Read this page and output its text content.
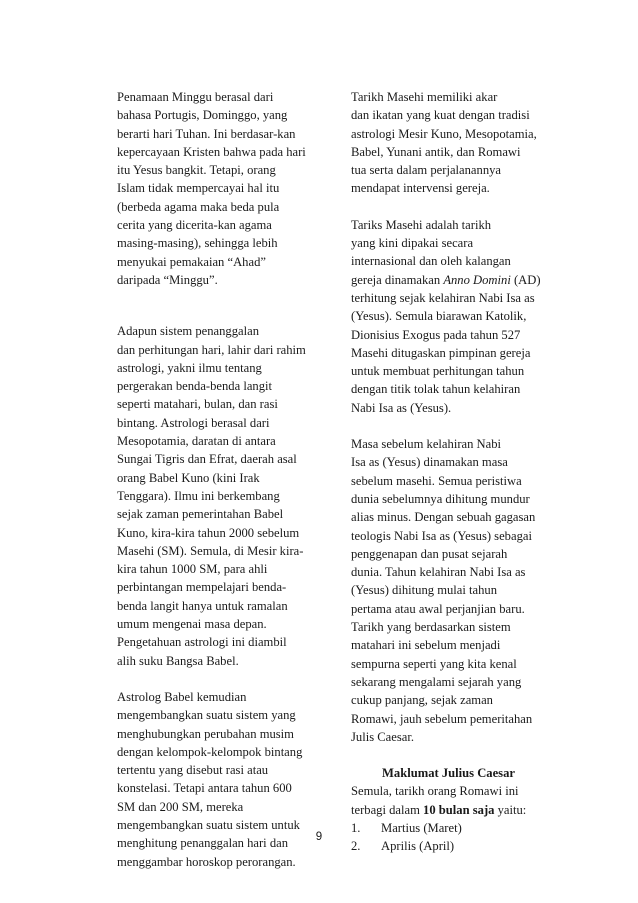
Penamaan Minggu berasal dari
bahasa Portugis, Dominggo, yang
berarti hari Tuhan. Ini berdasar-kan
kepercayaan Kristen bahwa pada hari
itu Yesus bangkit. Tetapi, orang
Islam tidak mempercayai hal itu
(berbeda agama maka beda pula
cerita yang dicerita-kan agama
masing-masing), sehingga lebih
menyukai pemakaian “Ahad”
daripada “Minggu”.

Adapun sistem penanggalan
dan perhitungan hari, lahir dari rahim
astrologi, yakni ilmu tentang
pergerakan benda-benda langit
seperti matahari, bulan, dan rasi
bintang. Astrologi berasal dari
Mesopotamia, daratan di antara
Sungai Tigris dan Efrat, daerah asal
orang Babel Kuno (kini Irak
Tenggara). Ilmu ini berkembang
sejak zaman pemerintahan Babel
Kuno, kira-kira tahun 2000 sebelum
Masehi (SM). Semula, di Mesir kira-
kira tahun 1000 SM, para ahli
perbintangan mempelajari benda-
benda langit hanya untuk ramalan
umum mengenai masa depan.
Pengetahuan astrologi ini diambil
alih suku Bangsa Babel.

Astrolog Babel kemudian
mengembangkan suatu sistem yang
menghubungkan perubahan musim
dengan kelompok-kelompok bintang
tertentu yang disebut rasi atau
konstelasi. Tetapi antara tahun 600
SM dan 200 SM, mereka
mengembangkan suatu sistem untuk
menghitung penanggalan hari dan
menggambar horoskop perorangan.

Tarikh Masehi memiliki akar
dan ikatan yang kuat dengan tradisi
astrologi Mesir Kuno, Mesopotamia,
Babel, Yunani antik, dan Romawi
tua serta dalam perjalanannya
mendapat intervensi gereja.

Tariks Masehi adalah tarikh
yang kini dipakai secara
internasional dan oleh kalangan
gereja dinamakan Anno Domini (AD)
terhitung sejak kelahiran Nabi Isa as
(Yesus). Semula biarawan Katolik,
Dionisius Exogus pada tahun 527
Masehi ditugaskan pimpinan gereja
untuk membuat perhitungan tahun
dengan titik tolak tahun kelahiran
Nabi Isa as (Yesus).

Masa sebelum kelahiran Nabi
Isa as (Yesus) dinamakan masa
sebelum masehi. Semua peristiwa
dunia sebelumnya dihitung mundur
alias minus. Dengan sebuah gagasan
teologis Nabi Isa as (Yesus) sebagai
penggenapan dan pusat sejarah
dunia. Tahun kelahiran Nabi Isa as
(Yesus) dihitung mulai tahun
pertama atau awal perjanjian baru.
Tarikh yang berdasarkan sistem
matahari ini sebelum menjadi
sempurna seperti yang kita kenal
sekarang mengalami sejarah yang
cukup panjang, sejak zaman
Romawi, jauh sebelum pemeritahan
Julis Caesar.

Maklumat Julius Caesar

Semula, tarikh orang Romawi ini
terbagi dalam 10 bulan saja yaitu:

1.	Martius (Maret)
2.	Aprilis (April)
9
